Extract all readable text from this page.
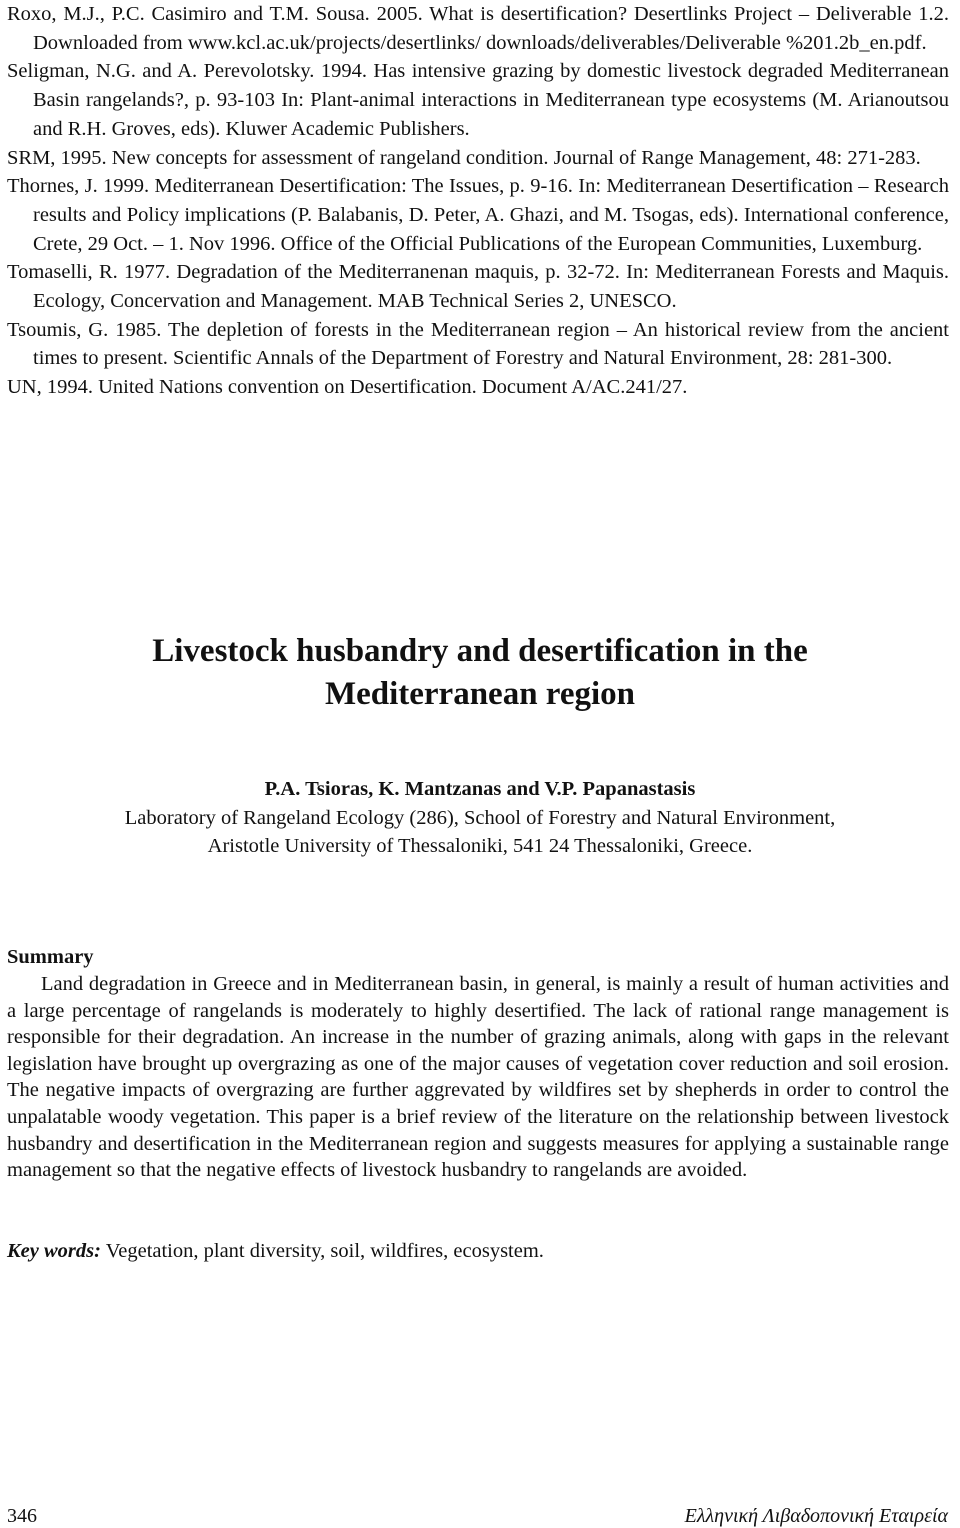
Roxo, M.J., P.C. Casimiro and T.M. Sousa. 2005. What is desertification? Desertlinks Project – Deliverable 1.2. Downloaded from www.kcl.ac.uk/projects/desertlinks/ downloads/deliverables/Deliverable %201.2b_en.pdf.

Seligman, N.G. and A. Perevolotsky. 1994. Has intensive grazing by domestic livestock degraded Mediterranean Basin rangelands?, p. 93-103 In: Plant-animal interactions in Mediterranean type ecosystems (M. Arianoutsou and R.H. Groves, eds). Kluwer Academic Publishers.

SRM, 1995. New concepts for assessment of rangeland condition. Journal of Range Management, 48: 271-283.

Thornes, J. 1999. Mediterranean Desertification: The Issues, p. 9-16. In: Mediterranean Desertification – Research results and Policy implications (P. Balabanis, D. Peter, A. Ghazi, and M. Tsogas, eds). International conference, Crete, 29 Oct. – 1. Nov 1996. Office of the Official Publications of the European Communities, Luxemburg.

Tomaselli, R. 1977. Degradation of the Mediterranenan maquis, p. 32-72. In: Mediterranean Forests and Maquis. Ecology, Concervation and Management. MAB Technical Series 2, UNESCO.

Tsoumis, G. 1985. The depletion of forests in the Mediterranean region – An historical review from the ancient times to present. Scientific Annals of the Department of Forestry and Natural Environment, 28: 281-300.

UN, 1994. United Nations convention on Desertification. Document A/AC.241/27.

Livestock husbandry and desertification in the

Mediterranean region

P.A. Tsioras, K. Mantzanas and V.P. Papanastasis

Laboratory of Rangeland Ecology (286), School of Forestry and Natural Environment,

Aristotle University of Thessaloniki, 541 24 Thessaloniki, Greece.

Summary

Land degradation in Greece and in Mediterranean basin, in general, is mainly a result of human activities and a large percentage of rangelands is moderately to highly desertified. The lack of rational range management is responsible for their degradation. An increase in the number of grazing animals, along with gaps in the relevant legislation have brought up overgrazing as one of the major causes of vegetation cover reduction and soil erosion. The negative impacts of overgrazing are further aggrevated by wildfires set by shepherds in order to control the unpalatable woody vegetation. This paper is a brief review of the literature on the relationship between livestock husbandry and desertification in the Mediterranean region and suggests measures for applying a sustainable range management so that the negative effects of livestock husbandry to rangelands are avoided.

Key words: Vegetation, plant diversity, soil, wildfires, ecosystem.

346	Ελληνική Λιβαδοπονική Εταιρεία
